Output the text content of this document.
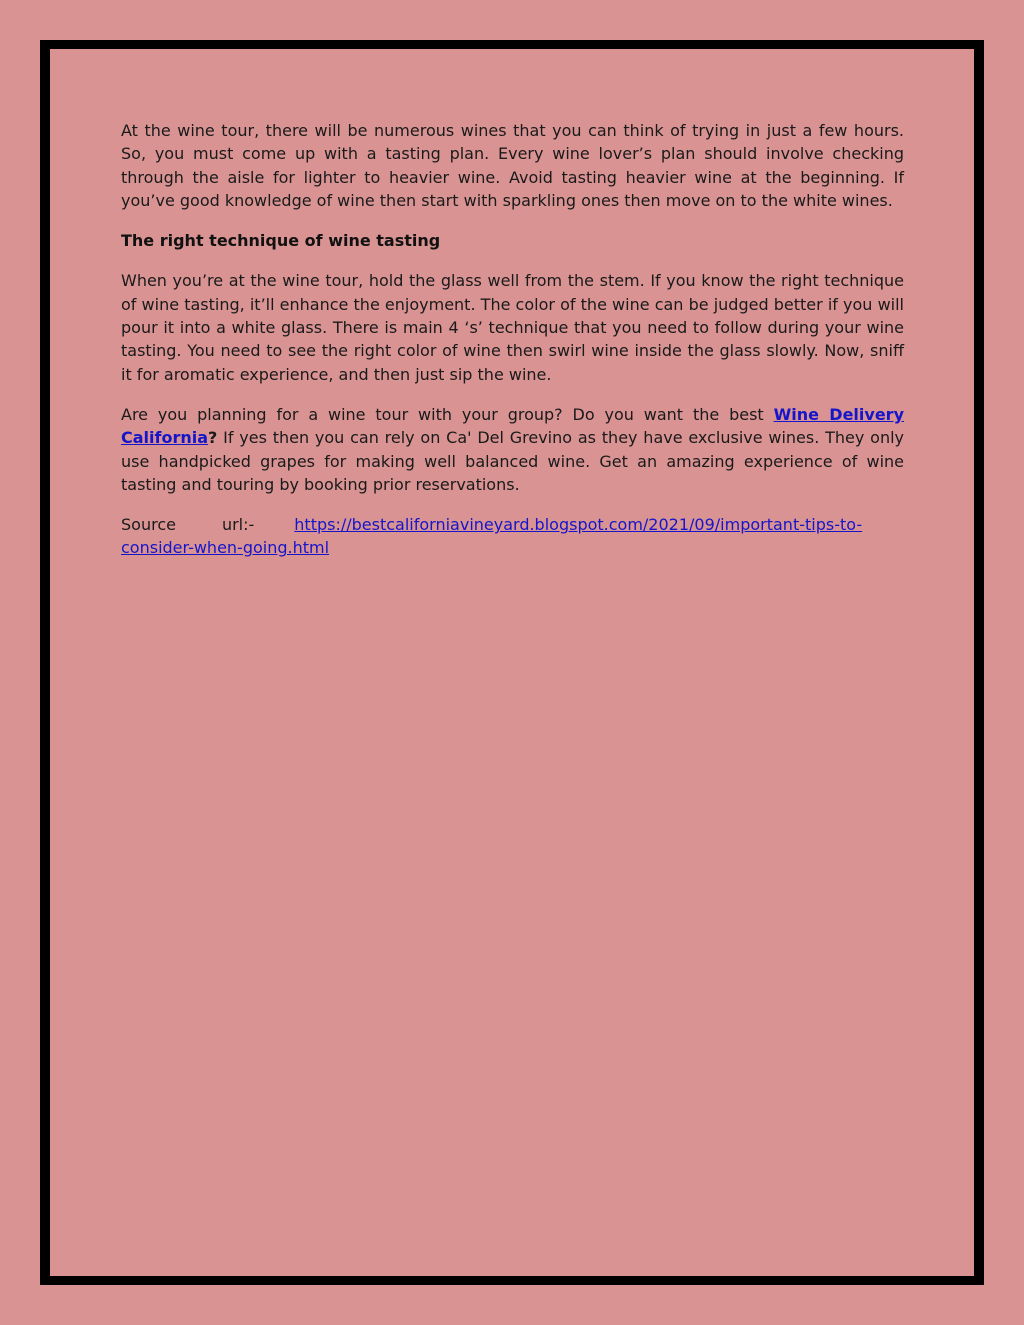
At the wine tour, there will be numerous wines that you can think of trying in just a few hours. So, you must come up with a tasting plan. Every wine lover’s plan should involve checking through the aisle for lighter to heavier wine. Avoid tasting heavier wine at the beginning. If you’ve good knowledge of wine then start with sparkling ones then move on to the white wines.

The right technique of wine tasting

When you’re at the wine tour, hold the glass well from the stem. If you know the right technique of wine tasting, it’ll enhance the enjoyment. The color of the wine can be judged better if you will pour it into a white glass. There is main 4 ‘s’ technique that you need to follow during your wine tasting. You need to see the right color of wine then swirl wine inside the glass slowly. Now, sniff it for aromatic experience, and then just sip the wine.

Are you planning for a wine tour with your group? Do you want the best Wine Delivery California? If yes then you can rely on Ca' Del Grevino as they have exclusive wines. They only use handpicked grapes for making well balanced wine. Get an amazing experience of wine tasting and touring by booking prior reservations.

Source	url:-	https://bestcalifornia​vineyard.blogspot.com/2021/09/important-tips-to-
consider-when-going.html
